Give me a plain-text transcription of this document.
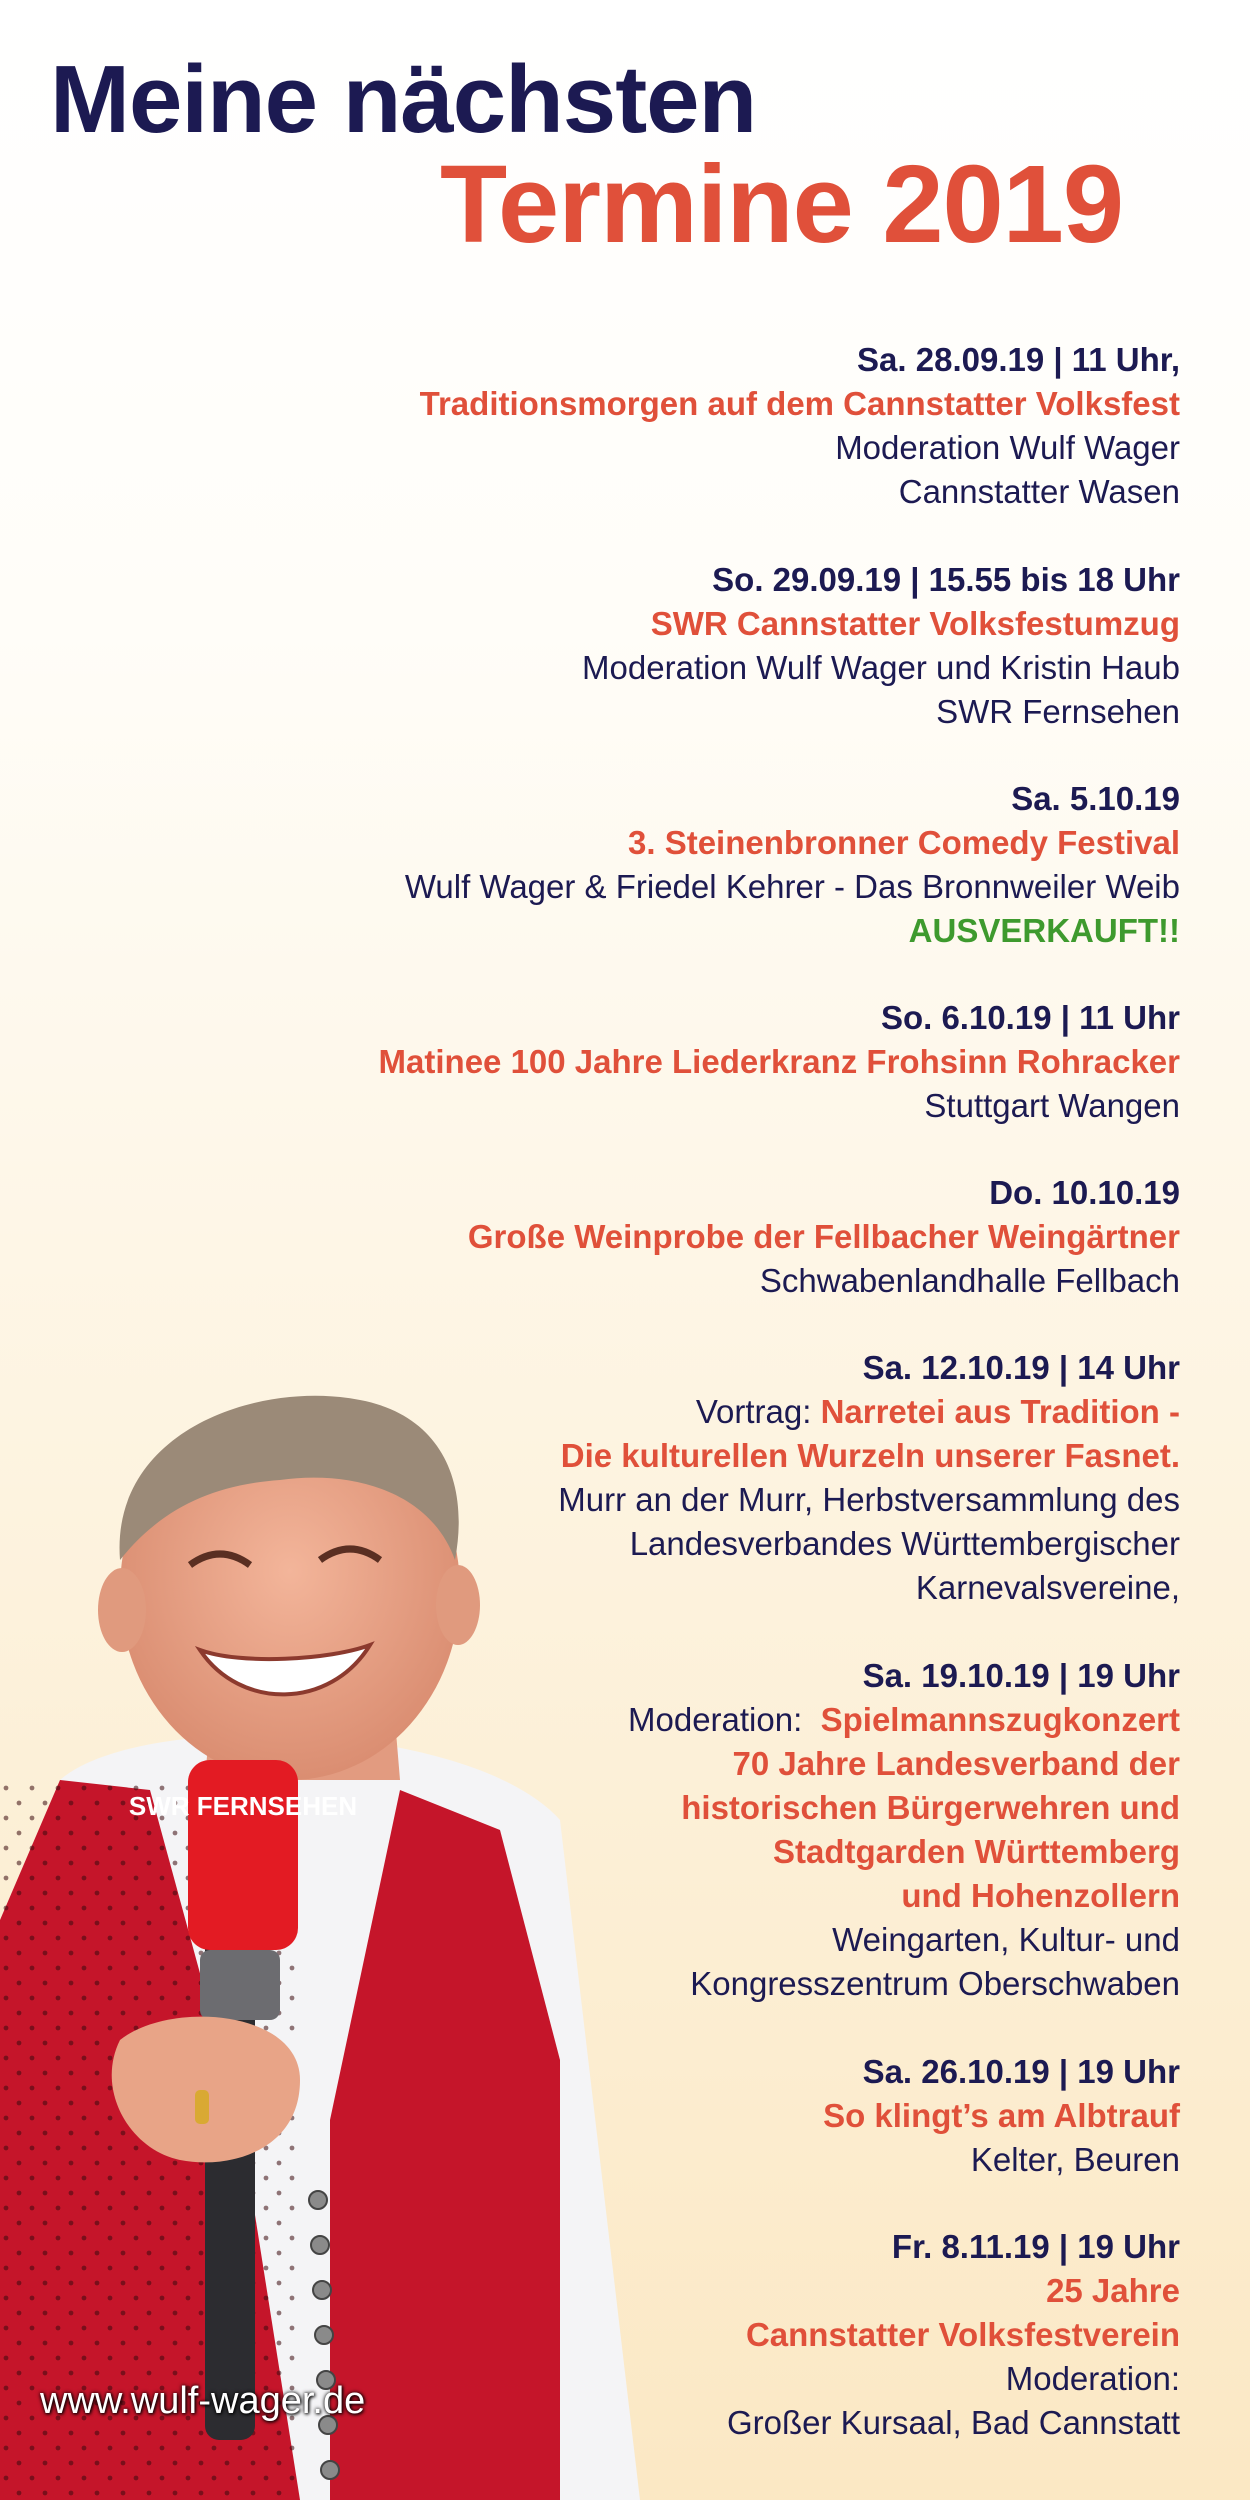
Meine nächsten
Termine 2019
Sa. 28.09.19 | 11 Uhr,
Traditionsmorgen auf dem Cannstatter Volksfest
Moderation Wulf Wager
Cannstatter Wasen
So. 29.09.19 | 15.55 bis 18 Uhr
SWR Cannstatter Volksfestumzug
Moderation Wulf Wager und Kristin Haub
SWR Fernsehen
Sa. 5.10.19
3. Steinenbronner Comedy Festival
Wulf Wager & Friedel Kehrer - Das Bronnweiler Weib
AUSVERKAUFT!!
So. 6.10.19 | 11 Uhr
Matinee 100 Jahre Liederkranz Frohsinn Rohracker
Stuttgart Wangen
Do. 10.10.19
Große Weinprobe der Fellbacher Weingärtner
Schwabenlandhalle Fellbach
Sa. 12.10.19 | 14 Uhr
Vortrag: Narretei aus Tradition -
Die kulturellen Wurzeln unserer Fasnet.
Murr an der Murr, Herbstversammlung des
Landesverbandes Württembergischer
Karnevalsvereine,
Sa. 19.10.19 | 19 Uhr
Moderation: Spielmannszugkonzert
70 Jahre Landesverband der
historischen Bürgerwehren und
Stadtgarden Württemberg
und Hohenzollern
Weingarten, Kultur- und
Kongresszentrum Oberschwaben
Sa. 26.10.19 | 19 Uhr
So klingt’s am Albtrauf
Kelter, Beuren
Fr. 8.11.19 | 19 Uhr
25 Jahre
Cannstatter Volksfestverein
Moderation:
Großer Kursaal, Bad Cannstatt
SWR FERNSEHEN
www.wulf-wager.de
